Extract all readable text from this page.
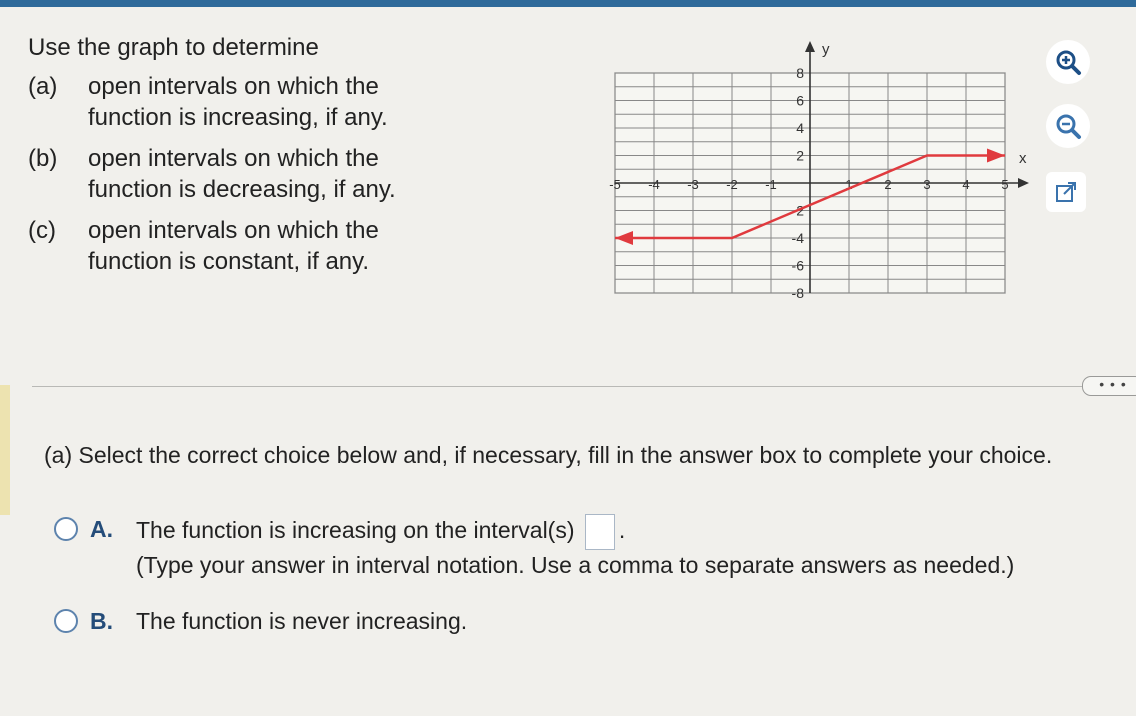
Use the graph to determine

(a)	open intervals on which the function is increasing, if any.
(b)	open intervals on which the function is decreasing, if any.
(c)	open intervals on which the function is constant, if any.
x
y
-5 -4 -3 -2 -1	1 2 3 4 5
8
6
4
2
-2
-4
-6
-8
• • •

(a) Select the correct choice below and, if necessary, fill in the answer box to complete your choice.

A. The function is increasing on the interval(s) .
(Type your answer in interval notation. Use a comma to separate answers as needed.)
B. The function is never increasing.
